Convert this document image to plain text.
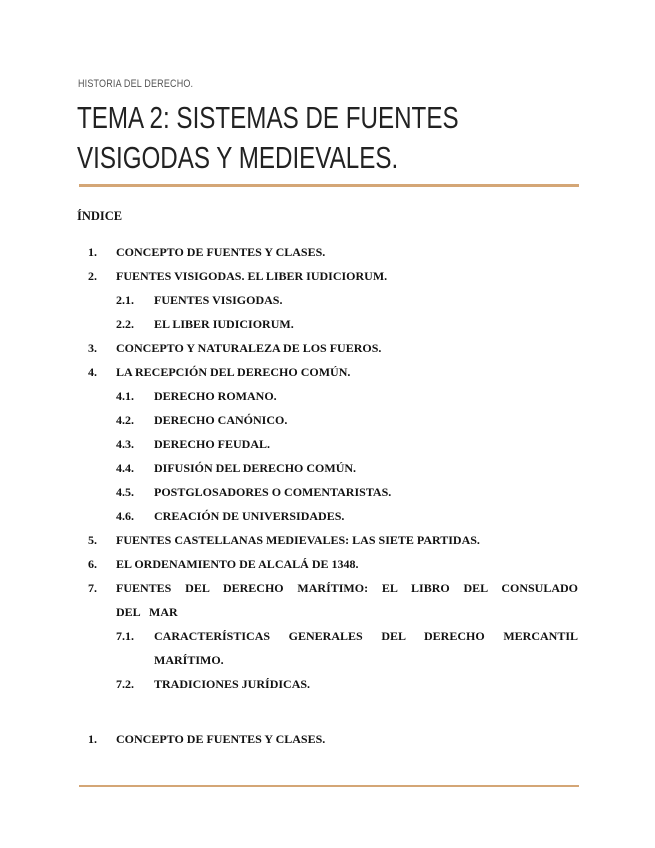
HISTORIA DEL DERECHO.
TEMA 2: SISTEMAS DE FUENTES VISIGODAS Y MEDIEVALES.
ÍNDICE
1. CONCEPTO DE FUENTES Y CLASES.
2. FUENTES VISIGODAS. EL LIBER IUDICIORUM.
2.1. FUENTES VISIGODAS.
2.2. EL LIBER IUDICIORUM.
3. CONCEPTO Y NATURALEZA DE LOS FUEROS.
4. LA RECEPCIÓN DEL DERECHO COMÚN.
4.1. DERECHO ROMANO.
4.2. DERECHO CANÓNICO.
4.3. DERECHO FEUDAL.
4.4. DIFUSIÓN DEL DERECHO COMÚN.
4.5. POSTGLOSADORES O COMENTARISTAS.
4.6. CREACIÓN DE UNIVERSIDADES.
5. FUENTES CASTELLANAS MEDIEVALES: LAS SIETE PARTIDAS.
6. EL ORDENAMIENTO DE ALCALÁ DE 1348.
7. FUENTES DEL DERECHO MARÍTIMO: EL LIBRO DEL CONSULADO DEL MAR
7.1. CARACTERÍSTICAS GENERALES DEL DERECHO MERCANTIL MARÍTIMO.
7.2. TRADICIONES JURÍDICAS.
1. CONCEPTO DE FUENTES Y CLASES.
